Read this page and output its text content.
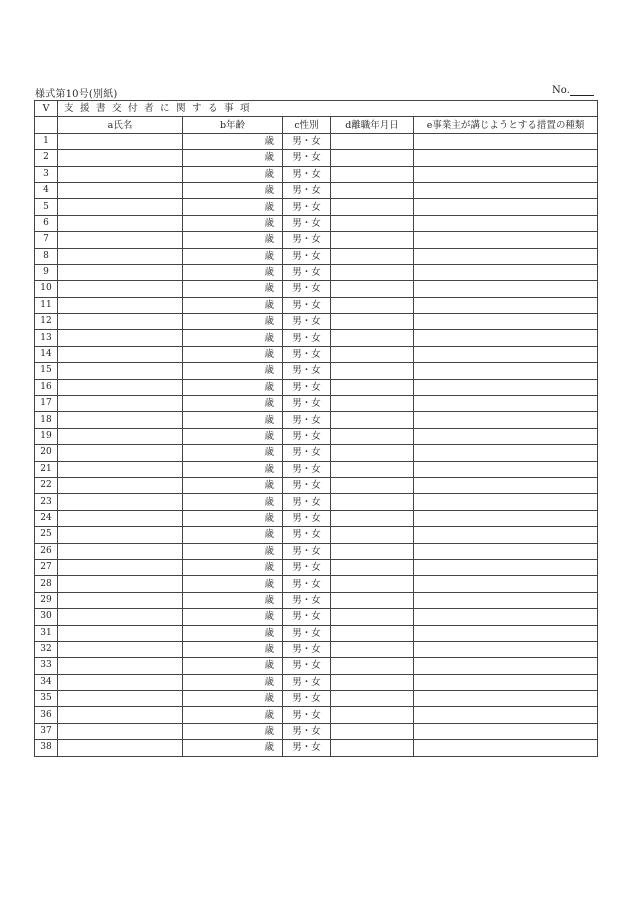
様式第10号(別紙)	No.
V	支援書交付者に関する事項				
	a氏名	b年齢	c性別	d離職年月日	e事業主が講じようとする措置の種類
1		歳	男・女		
2		歳	男・女		
3		歳	男・女		
4		歳	男・女		
5		歳	男・女		
6		歳	男・女		
7		歳	男・女		
8		歳	男・女		
9		歳	男・女		
10		歳	男・女		
11		歳	男・女		
12		歳	男・女		
13		歳	男・女		
14		歳	男・女		
15		歳	男・女		
16		歳	男・女		
17		歳	男・女		
18		歳	男・女		
19		歳	男・女		
20		歳	男・女		
21		歳	男・女		
22		歳	男・女		
23		歳	男・女		
24		歳	男・女		
25		歳	男・女		
26		歳	男・女		
27		歳	男・女		
28		歳	男・女		
29		歳	男・女		
30		歳	男・女		
31		歳	男・女		
32		歳	男・女		
33		歳	男・女		
34		歳	男・女		
35		歳	男・女		
36		歳	男・女		
37		歳	男・女		
38		歳	男・女		
